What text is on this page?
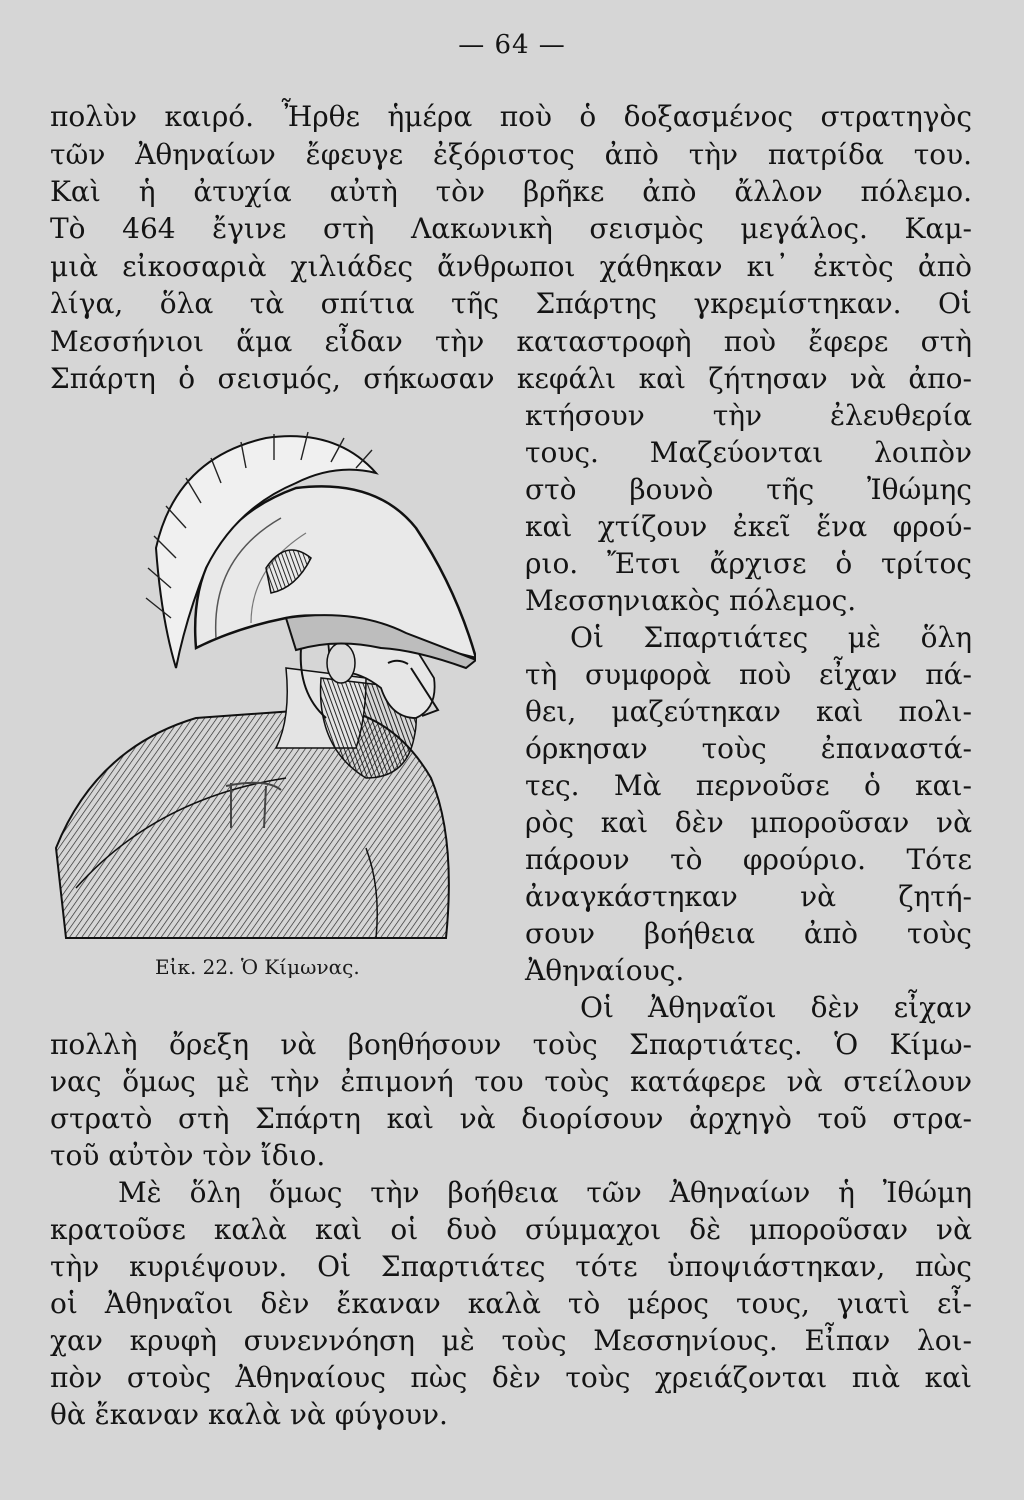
— 64 —
πολὺν καιρό. Ἦρθε ἡμέρα ποὺ ὁ δοξασμένος στρατηγὸς
τῶν Ἀθηναίων ἔφευγε ἐξόριστος ἀπὸ τὴν πατρίδα του.
Καὶ ἡ ἀτυχία αὐτὴ τὸν βρῆκε ἀπὸ ἄλλον πόλεμο.
Τὸ 464 ἔγινε στὴ Λακωνικὴ σεισμὸς μεγάλος. Καμ-
μιὰ εἰκοσαριὰ χιλιάδες ἄνθρωποι χάθηκαν κι᾽ ἐκτὸς ἀπὸ
λίγα, ὅλα τὰ σπίτια τῆς Σπάρτης γκρεμίστηκαν. Οἱ
Μεσσήνιοι ἅμα εἶδαν τὴν καταστροφὴ ποὺ ἔφερε στὴ
Σπάρτη ὁ σεισμός, σήκωσαν κεφάλι καὶ ζήτησαν νὰ ἀπο-
κτήσουν τὴν ἐλευθερία
τους. Μαζεύονται λοιπὸν
στὸ βουνὸ τῆς Ἰθώμης
καὶ χτίζουν ἐκεῖ ἕνα φρού-
ριο. Ἔτσι ἄρχισε ὁ τρίτος
Μεσσηνιακὸς πόλεμος.
Οἱ Σπαρτιάτες μὲ ὅλη
τὴ συμφορὰ ποὺ εἶχαν πά-
θει, μαζεύτηκαν καὶ πολι-
όρκησαν τοὺς ἐπαναστά-
τες. Μὰ περνοῦσε ὁ και-
ρὸς καὶ δὲν μποροῦσαν νὰ
πάρουν τὸ φρούριο. Τότε
ἀναγκάστηκαν νὰ ζητή-
σουν βοήθεια ἀπὸ τοὺς
Ἀθηναίους.
Οἱ Ἀθηναῖοι δὲν εἶχαν
πολλὴ ὄρεξη νὰ βοηθήσουν τοὺς Σπαρτιάτες. Ὁ Κίμω-
νας ὅμως μὲ τὴν ἐπιμονή του τοὺς κατάφερε νὰ στείλουν
στρατὸ στὴ Σπάρτη καὶ νὰ διορίσουν ἀρχηγὸ τοῦ στρα-
τοῦ αὐτὸν τὸν ἴδιο.
Μὲ ὅλη ὅμως τὴν βοήθεια τῶν Ἀθηναίων ἡ Ἰθώμη
κρατοῦσε καλὰ καὶ οἱ δυὸ σύμμαχοι δὲ μποροῦσαν νὰ
τὴν κυριέψουν. Οἱ Σπαρτιάτες τότε ὑποψιάστηκαν, πὼς
οἱ Ἀθηναῖοι δὲν ἔκαναν καλὰ τὸ μέρος τους, γιατὶ εἶ-
χαν κρυφὴ συνεννόηση μὲ τοὺς Μεσσηνίους. Εἶπαν λοι-
πὸν στοὺς Ἀθηναίους πὼς δὲν τοὺς χρειάζονται πιὰ καὶ
θὰ ἔκαναν καλὰ νὰ φύγουν.
Εἰκ. 22. Ὁ Κίμωνας.
